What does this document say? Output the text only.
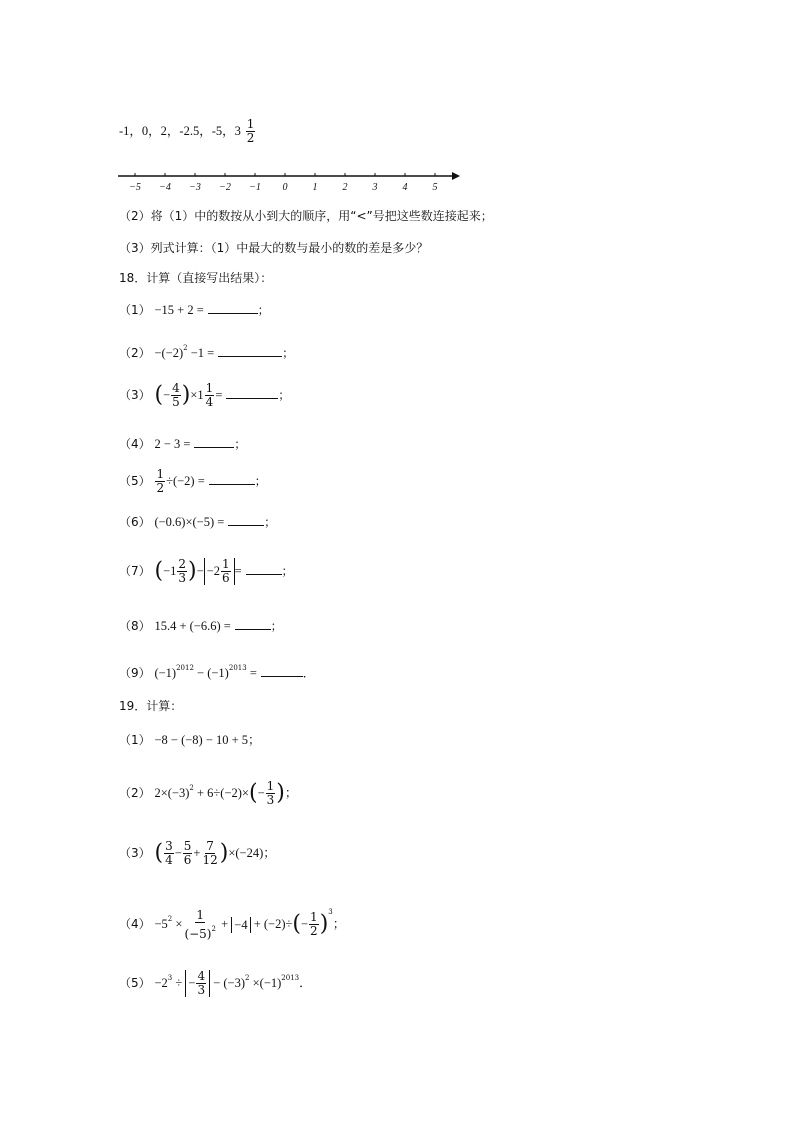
-1，0，2，-2.5，-5，$3 \frac{1}{2}$
−5 −4 −3 −2 −1 0	1	2	3	4	5
（2）将（1）中的数按从小到大的顺序，用“<”号把这些数连接起来；
（3）列式计算：（1）中最大的数与最小的数的差是多少？
18．计算（直接写出结果）：
（1） −15 + 2 =	；
$(2) -(-2)^2 -1$ =	；
（3） (− $\frac{4}{5} )\times 1 \frac{1}{4}$ =	；
（4） 2 − 3 =	；
$(5) \frac{1}{2} \div(-2)$ =	；
（6） (−0.6)×(−5) =	；
（7） ($-1 \frac{2}{3}$ )− $-2 \frac{1}{6}$ =	；
（8） 15.4 + (−6.6) =	；
（9） $(-1)^{2012} - (-1)^{2013}$ =	．
19．计算：
（1） −8 − (−8) − 10 + 5；
（2） $2\times(-3)^2 + 6\div(-2)\times(- \frac{1}{3}$ )；
（3） ( $\frac{3}{4} - \frac{5}{6} + \frac{7}{12} )\times(-24)$；
$(4) -5^2 \times \frac{1}{(-5)^2} + -4 + (-2)\div(- \frac{1}{2} )^3$；
$(5) -2^3$ ÷ − $\frac{4}{3} - (-3)^2 \times(-1)^{2013}$．
